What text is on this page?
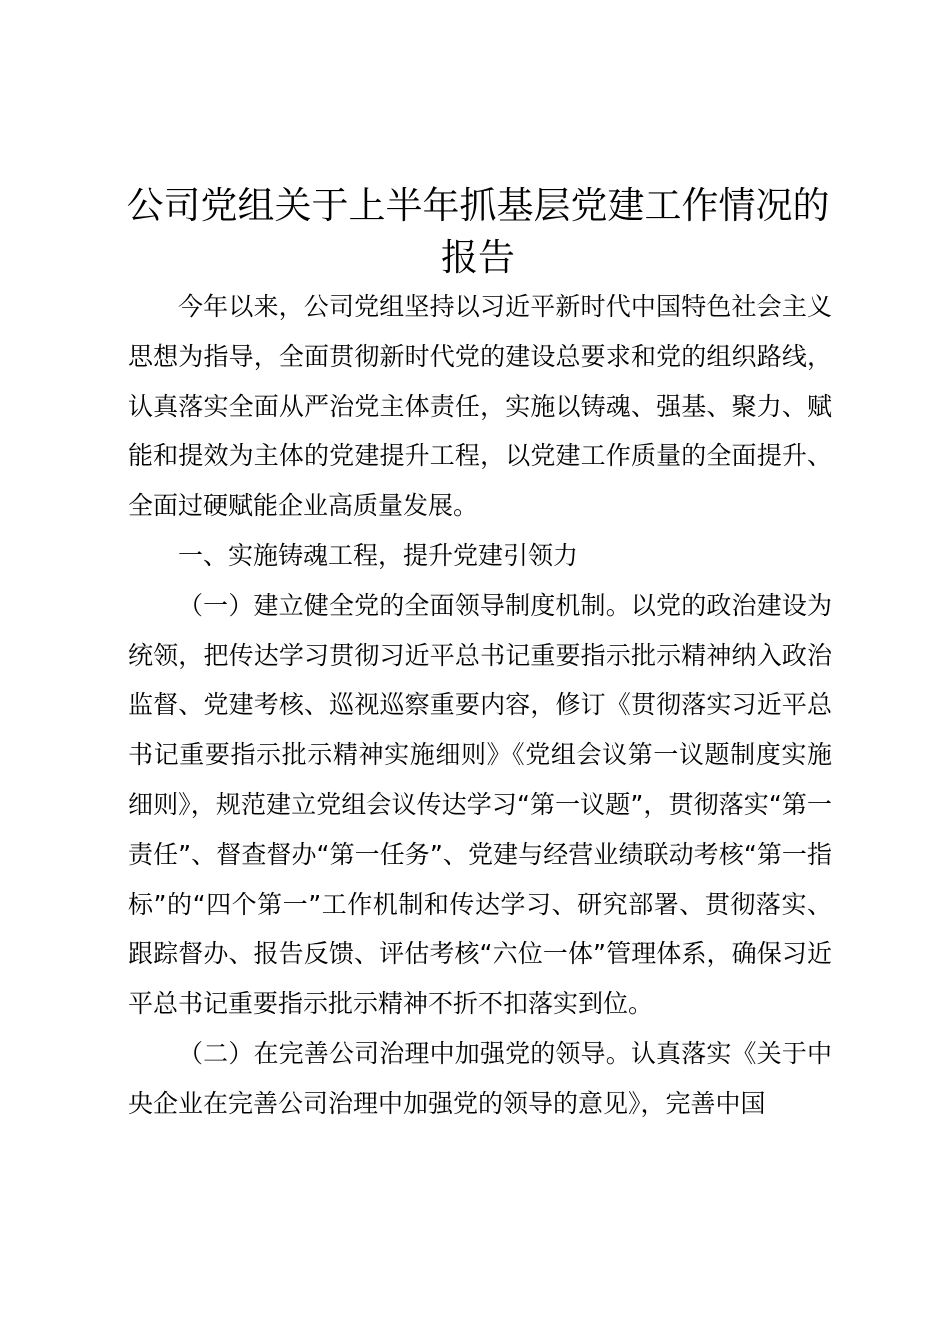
公司党组关于上半年抓基层党建工作情况的报告

今年以来，公司党组坚持以习近平新时代中国特色社会主义思想为指导，全面贯彻新时代党的建设总要求和党的组织路线，认真落实全面从严治党主体责任，实施以铸魂、强基、聚力、赋能和提效为主体的党建提升工程，以党建工作质量的全面提升、全面过硬赋能企业高质量发展。

一、实施铸魂工程，提升党建引领力

（一）建立健全党的全面领导制度机制。以党的政治建设为统领，把传达学习贯彻习近平总书记重要指示批示精神纳入政治监督、党建考核、巡视巡察重要内容，修订《贯彻落实习近平总书记重要指示批示精神实施细则》《党组会议第一议题制度实施细则》，规范建立党组会议传达学习“第一议题”，贯彻落实“第一责任”、督查督办“第一任务”、党建与经营业绩联动考核“第一指标”的“四个第一”工作机制和传达学习、研究部署、贯彻落实、跟踪督办、报告反馈、评估考核“六位一体”管理体系，确保习近平总书记重要指示批示精神不折不扣落实到位。

（二）在完善公司治理中加强党的领导。认真落实《关于中央企业在完善公司治理中加强党的领导的意见》，完善中国
